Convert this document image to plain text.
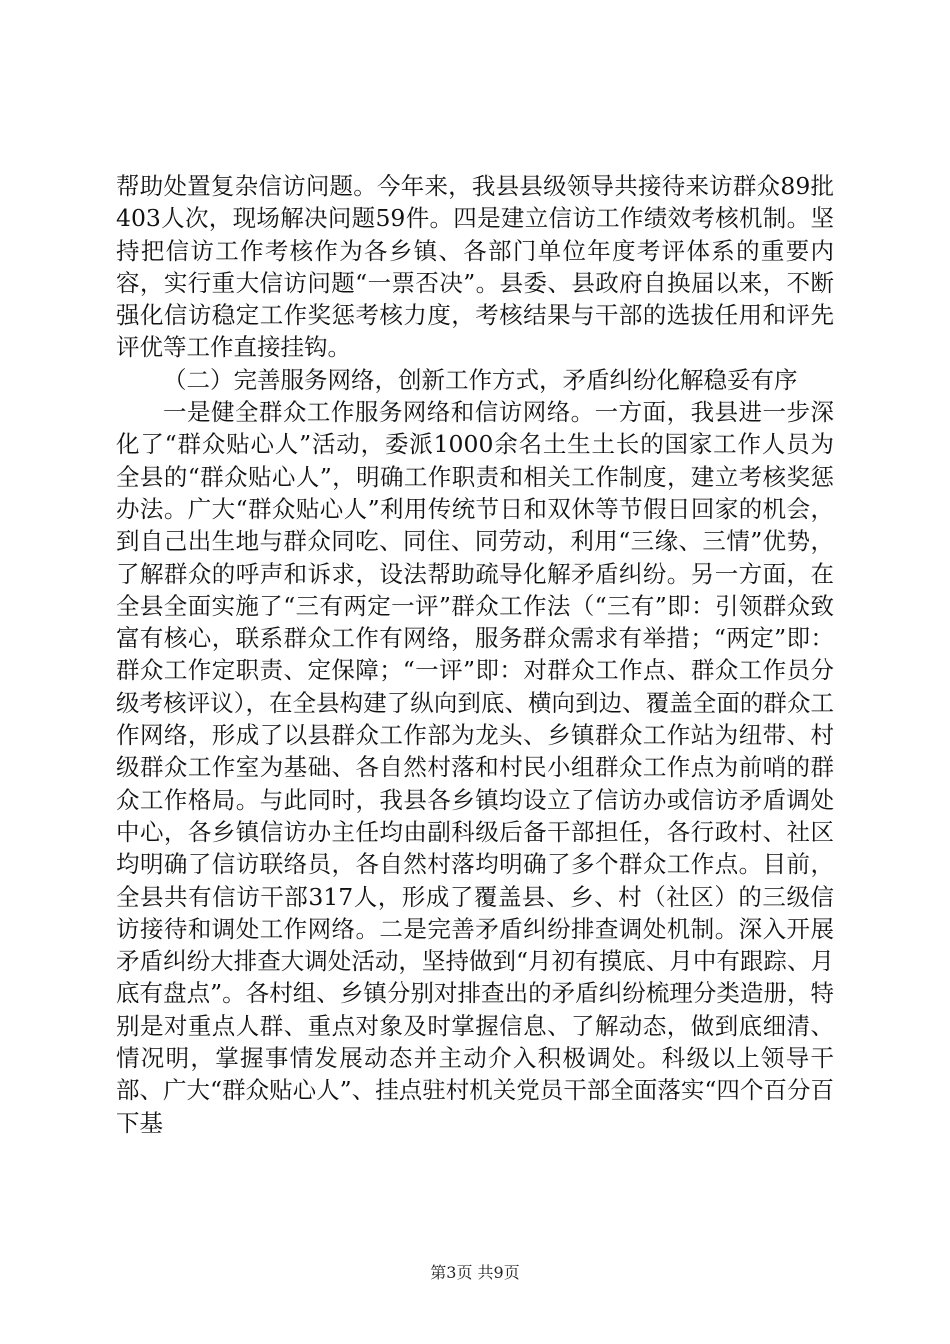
帮助处置复杂信访问题。今年来，我县县级领导共接待来访群众89批403人次，现场解决问题59件。四是建立信访工作绩效考核机制。坚持把信访工作考核作为各乡镇、各部门单位年度考评体系的重要内容，实行重大信访问题“一票否决”。县委、县政府自换届以来，不断强化信访稳定工作奖惩考核力度，考核结果与干部的选拔任用和评先评优等工作直接挂钩。

（二）完善服务网络，创新工作方式，矛盾纠纷化解稳妥有序

一是健全群众工作服务网络和信访网络。一方面，我县进一步深化了“群众贴心人”活动，委派1000余名土生土长的国家工作人员为全县的“群众贴心人”，明确工作职责和相关工作制度，建立考核奖惩办法。广大“群众贴心人”利用传统节日和双休等节假日回家的机会，到自己出生地与群众同吃、同住、同劳动，利用“三缘、三情”优势，了解群众的呼声和诉求，设法帮助疏导化解矛盾纠纷。另一方面，在全县全面实施了“三有两定一评”群众工作法（“三有”即：引领群众致富有核心，联系群众工作有网络，服务群众需求有举措；“两定”即：群众工作定职责、定保障；“一评”即：对群众工作点、群众工作员分级考核评议），在全县构建了纵向到底、横向到边、覆盖全面的群众工作网络，形成了以县群众工作部为龙头、乡镇群众工作站为纽带、村级群众工作室为基础、各自然村落和村民小组群众工作点为前哨的群众工作格局。与此同时，我县各乡镇均设立了信访办或信访矛盾调处中心，各乡镇信访办主任均由副科级后备干部担任，各行政村、社区均明确了信访联络员，各自然村落均明确了多个群众工作点。目前，全县共有信访干部317人，形成了覆盖县、乡、村（社区）的三级信访接待和调处工作网络。二是完善矛盾纠纷排查调处机制。深入开展矛盾纠纷大排查大调处活动，坚持做到“月初有摸底、月中有跟踪、月底有盘点”。各村组、乡镇分别对排查出的矛盾纠纷梳理分类造册，特别是对重点人群、重点对象及时掌握信息、了解动态，做到底细清、情况明，掌握事情发展动态并主动介入积极调处。科级以上领导干部、广大“群众贴心人”、挂点驻村机关党员干部全面落实“四个百分百下基

第3页 共9页
